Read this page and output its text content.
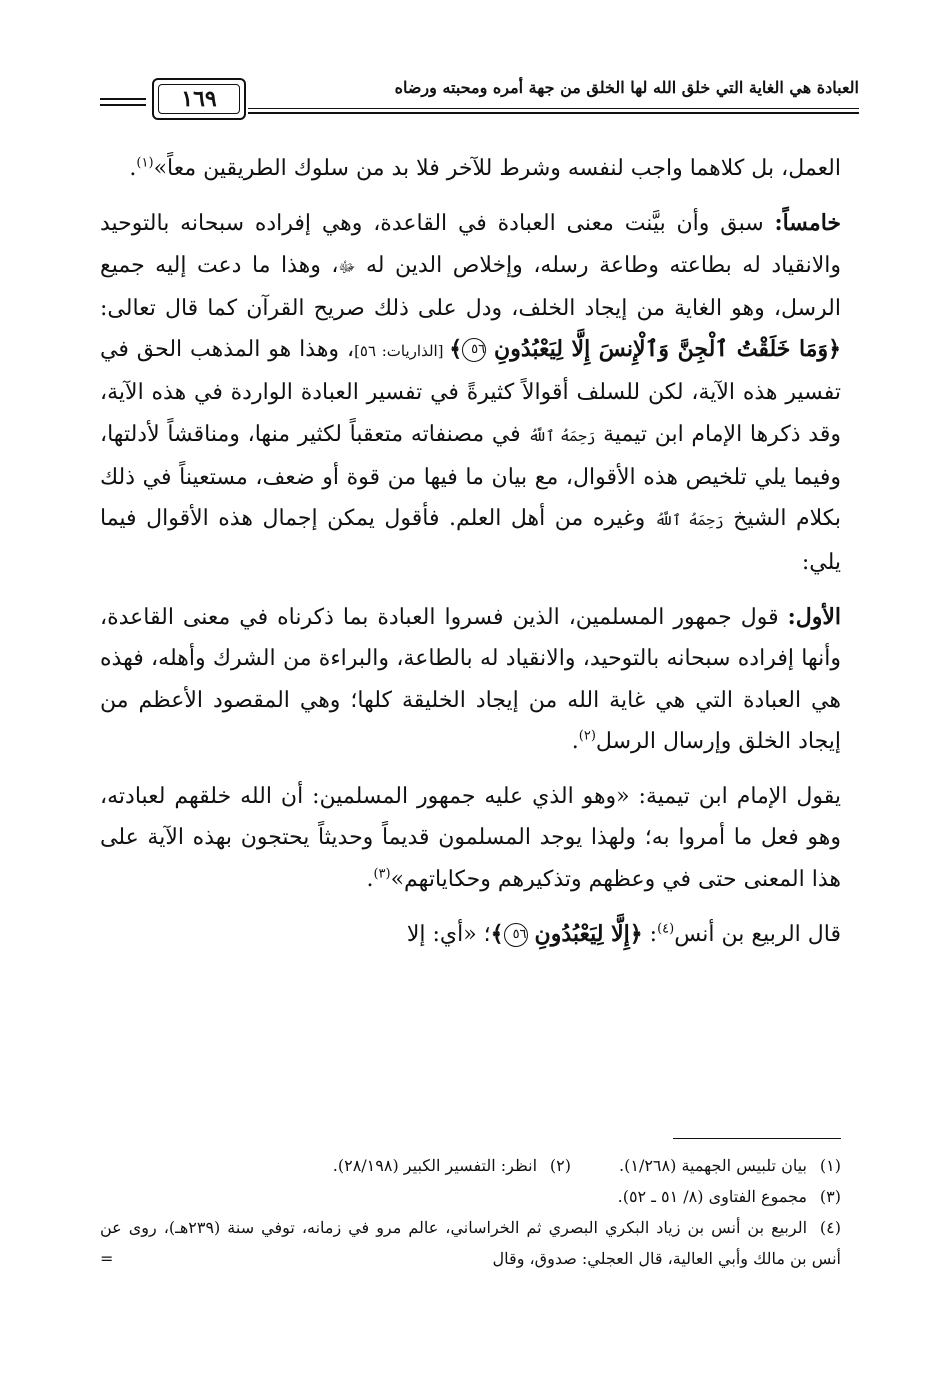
العبادة هي الغاية التي خلق الله لها الخلق من جهة أمره ومحبته ورضاه
١٦٩

العمل، بل كلاهما واجب لنفسه وشرط للآخر فلا بد من سلوك الطريقين معاً»$^{(١)}$.

خامساً: سبق وأن بيَّنت معنى العبادة في القاعدة، وهي إفراده سبحانه بالتوحيد والانقياد له بطاعته وطاعة رسله، وإخلاص الدين له ﷻ، وهذا ما دعت إليه جميع الرسل، وهو الغاية من إيجاد الخلف، ودل على ذلك صريح القرآن كما قال تعالى: ﴿وَمَا خَلَقْتُ ٱلْجِنَّ وَٱلْإِنسَ إِلَّا لِيَعْبُدُونِ ٥٦﴾ [الذاريات: ٥٦]، وهذا هو المذهب الحق في تفسير هذه الآية، لكن للسلف أقوالاً كثيرةً في تفسير العبادة الواردة في هذه الآية، وقد ذكرها الإمام ابن تيمية رَحِمَهُ ٱللَّهُ في مصنفاته متعقباً لكثير منها، ومناقشاً لأدلتها، وفيما يلي تلخيص هذه الأقوال، مع بيان ما فيها من قوة أو ضعف، مستعيناً في ذلك بكلام الشيخ رَحِمَهُ ٱللَّهُ وغيره من أهل العلم. فأقول يمكن إجمال هذه الأقوال فيما يلي:

الأول: قول جمهور المسلمين، الذين فسروا العبادة بما ذكرناه في معنى القاعدة، وأنها إفراده سبحانه بالتوحيد، والانقياد له بالطاعة، والبراءة من الشرك وأهله، فهذه هي العبادة التي هي غاية الله من إيجاد الخليقة كلها؛ وهي المقصود الأعظم من إيجاد الخلق وإرسال الرسل$^{(٢)}$.

يقول الإمام ابن تيمية: «وهو الذي عليه جمهور المسلمين: أن الله خلقهم لعبادته، وهو فعل ما أمروا به؛ ولهذا يوجد المسلمون قديماً وحديثاً يحتجون بهذه الآية على هذا المعنى حتى في وعظهم وتذكيرهم وحكاياتهم»$^{(٣)}$.

قال الربيع بن أنس$^{(٤)}$: ﴿إِلَّا لِيَعْبُدُونِ ٥٦﴾؛ «أي: إلا

(١)بيان تلبيس الجهمية (١/٢٦٨).
(٢)انظر: التفسير الكبير (٢٨/١٩٨).

(٣)مجموع الفتاوى (٨/ ٥١ ـ ٥٢).

(٤)الربيع بن أنس بن زياد البكري البصري ثم الخراساني، عالم مرو في زمانه، توفي سنة (٢٣٩هـ)، روى عن أنس بن مالك وأبي العالية، قال العجلي: صدوق، وقال
=
